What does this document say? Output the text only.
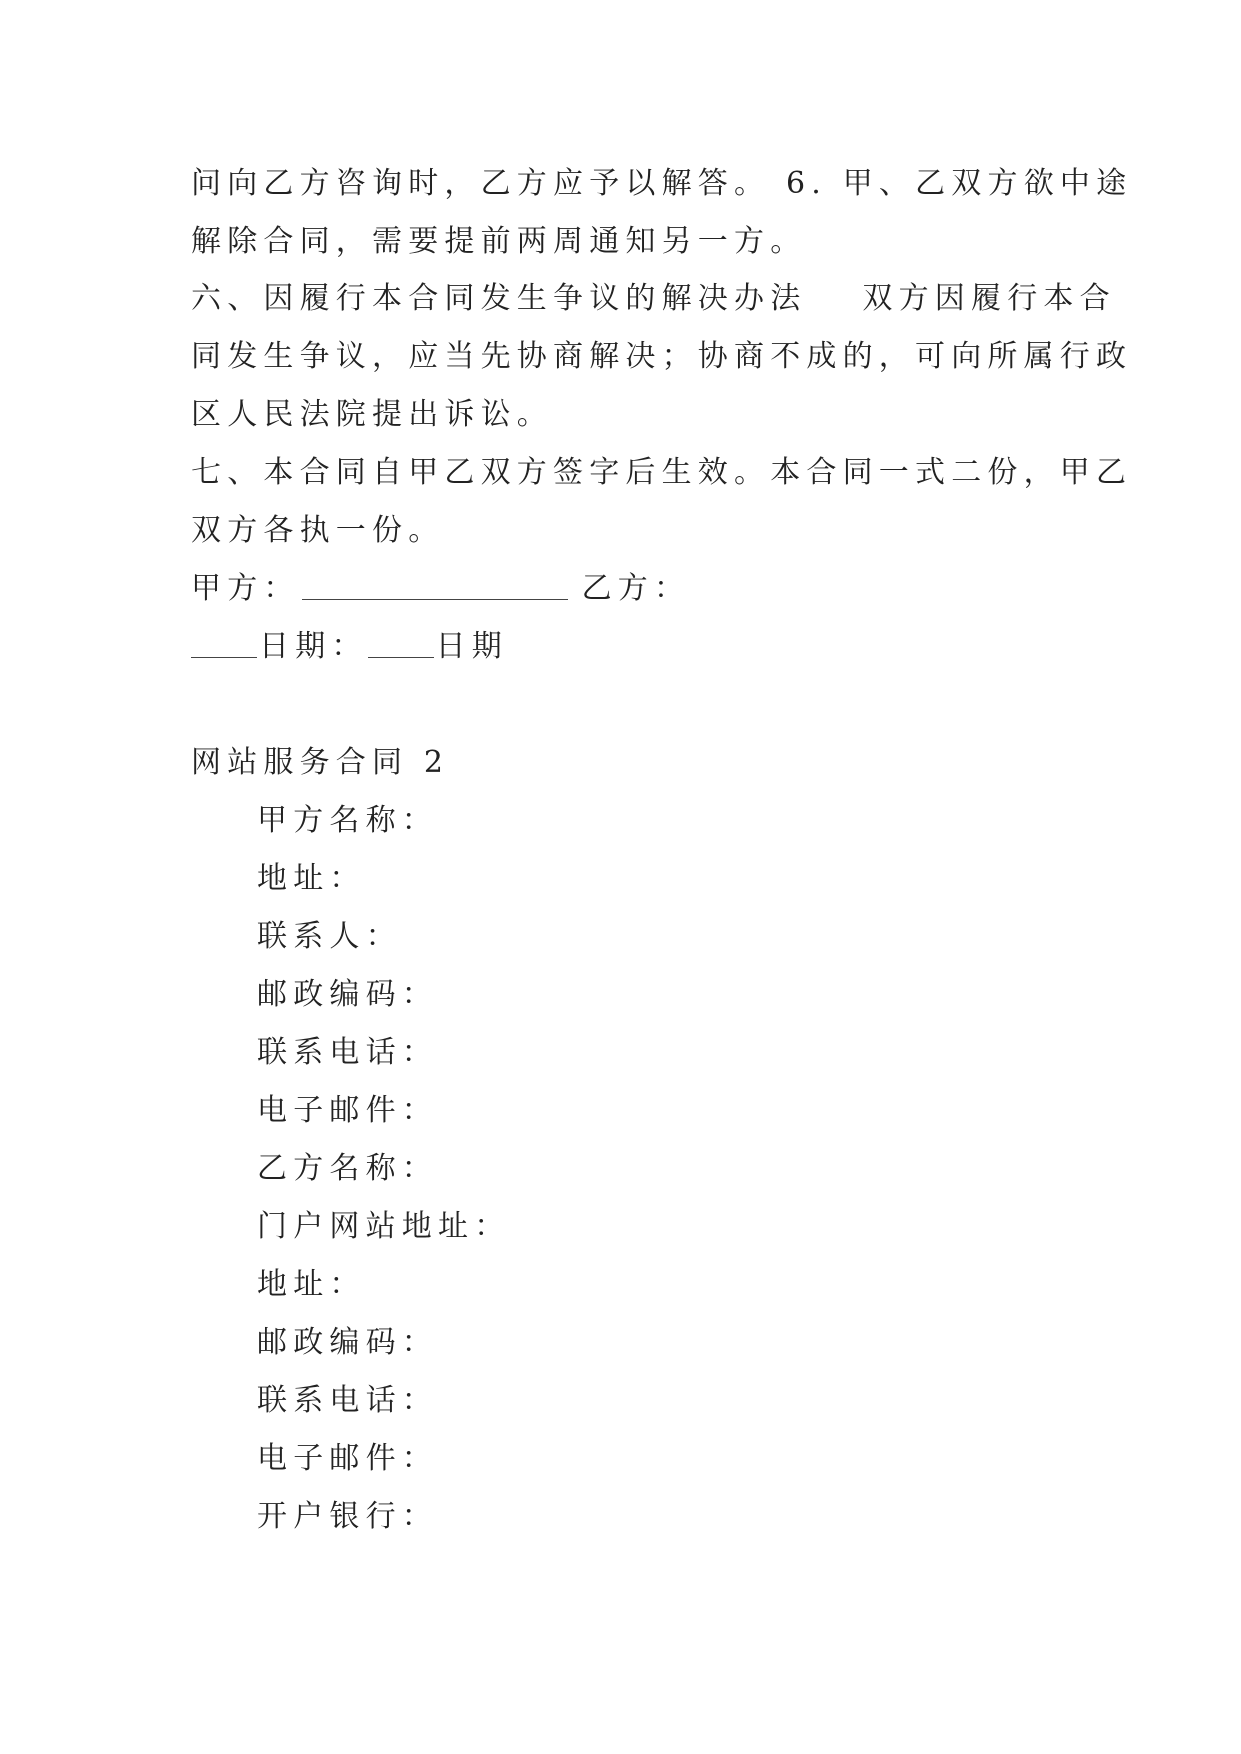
问向乙方咨询时，乙方应予以解答。 6. 甲、乙双方欲中途
解除合同，需要提前两周通知另一方。
六、因履行本合同发生争议的解决办法 双方因履行本合
同发生争议，应当先协商解决；协商不成的，可向所属行政
区人民法院提出诉讼。
七、本合同自甲乙双方签字后生效。本合同一式二份，甲乙
双方各执一份。
甲方：	乙方：
日期： 日期
网站服务合同 2
甲方名称：
地址：
联系人：
邮政编码：
联系电话：
电子邮件：
乙方名称：
门户网站地址：
地址：
邮政编码：
联系电话：
电子邮件：
开户银行：
